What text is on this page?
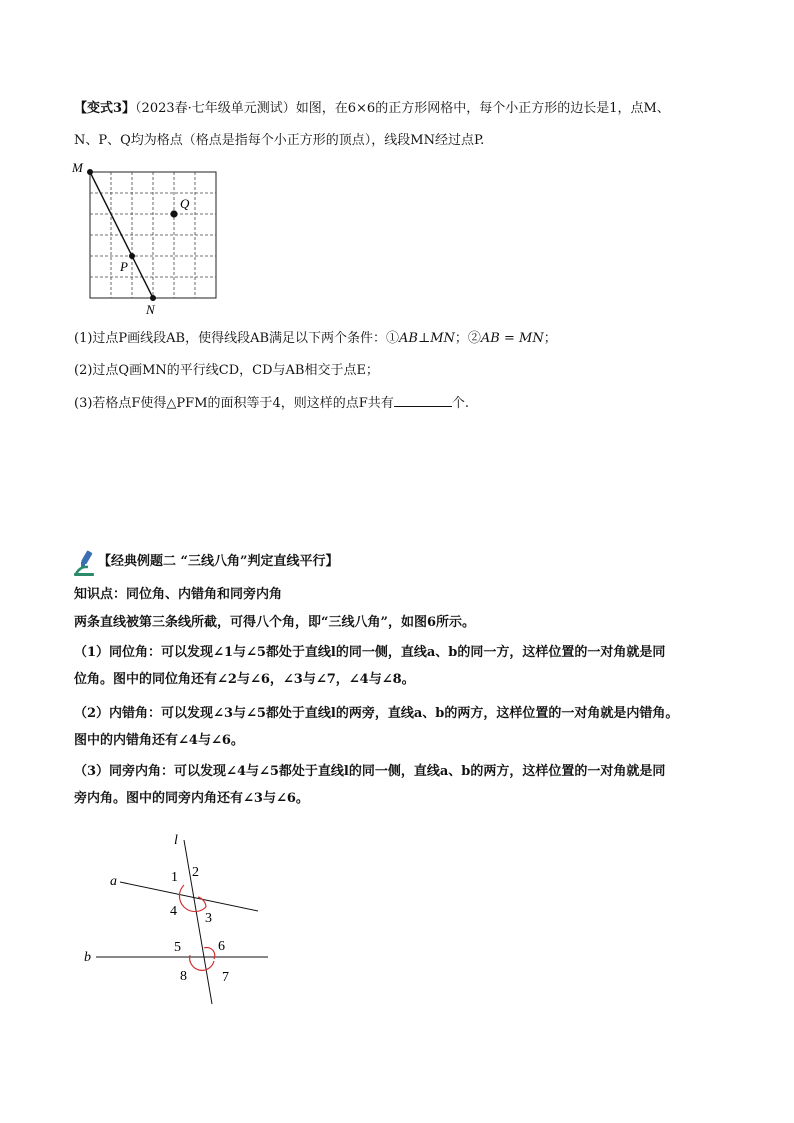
【变式3】（2023春·七年级单元测试）如图，在6×6的正方形网格中，每个小正方形的边长是1，点M、
N、P、Q均为格点（格点是指每个小正方形的顶点），线段MN经过点P.
M
P
N
Q
(1)过点P画线段AB，使得线段AB满足以下两个条件：①AB⊥MN；②AB = MN；
(2)过点Q画MN的平行线CD，CD与AB相交于点E；
(3)若格点F使得△PFM的面积等于4，则这样的点F共有	个.
【经典例题二 “三线八角”判定直线平行】
知识点：同位角、内错角和同旁内角
两条直线被第三条线所截，可得八个角，即“三线八角”，如图6所示。
（1）同位角：可以发现∠1与∠5都处于直线l的同一侧，直线a、b的同一方，这样位置的一对角就是同
位角。图中的同位角还有∠2与∠6，∠3与∠7，∠4与∠8。
（2）内错角：可以发现∠3与∠5都处于直线l的两旁，直线a、b的两方，这样位置的一对角就是内错角。
图中的内错角还有∠4与∠6。
（3）同旁内角：可以发现∠4与∠5都处于直线l的同一侧，直线a、b的两方，这样位置的一对角就是同
旁内角。图中的同旁内角还有∠3与∠6。
1 2
4 3
5	6
8	7
l
a
b
